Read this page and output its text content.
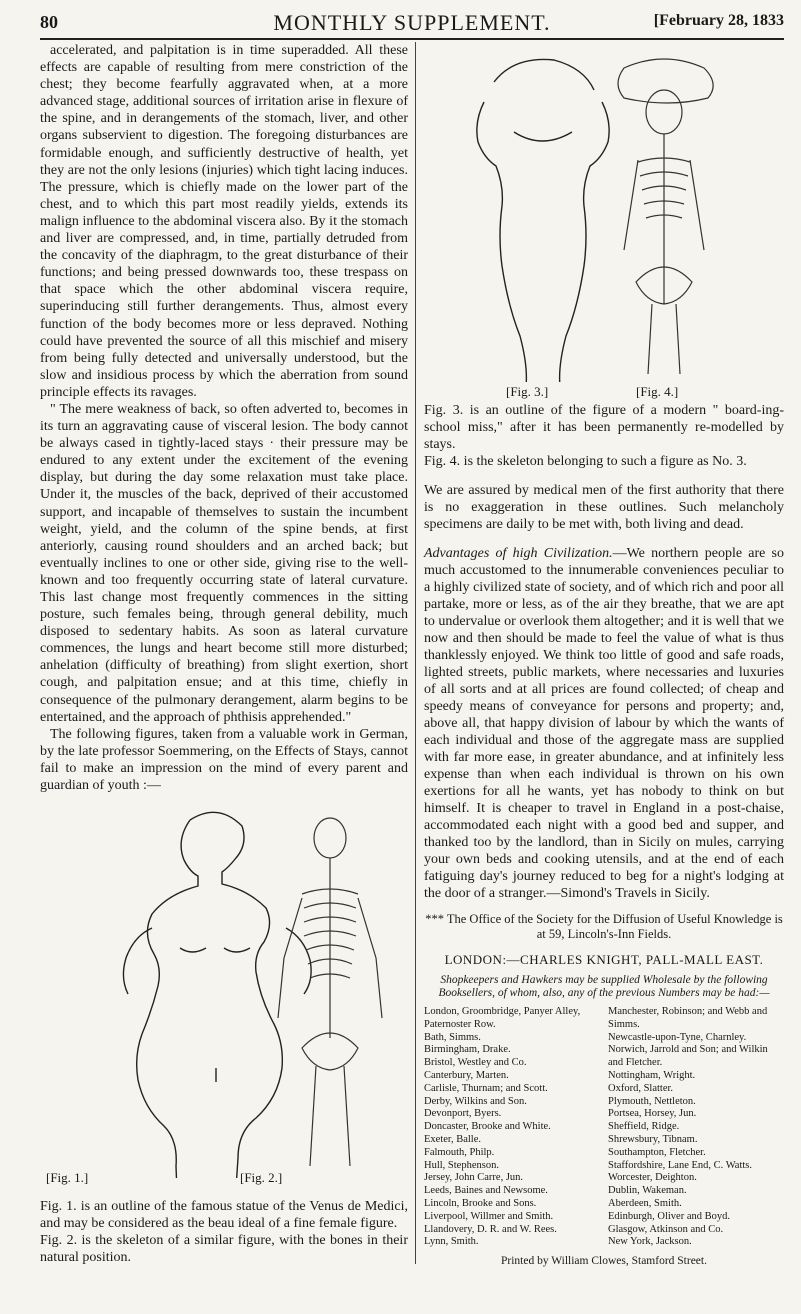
80	MONTHLY SUPPLEMENT.	[February 28, 1833

accelerated, and palpitation is in time superadded. All these effects are capable of resulting from mere constriction of the chest; they become fearfully aggravated when, at a more advanced stage, additional sources of irritation arise in flexure of the spine, and in derangements of the stomach, liver, and other organs subservient to digestion. The foregoing disturbances are formidable enough, and sufficiently destructive of health, yet they are not the only lesions (injuries) which tight lacing induces. The pressure, which is chiefly made on the lower part of the chest, and to which this part most readily yields, extends its malign influence to the abdominal viscera also. By it the stomach and liver are compressed, and, in time, partially detruded from the concavity of the diaphragm, to the great disturbance of their functions; and being pressed downwards too, these trespass on that space which the other abdominal viscera require, superinducing still further derangements. Thus, almost every function of the body becomes more or less depraved. Nothing could have prevented the source of all this mischief and misery from being fully detected and universally understood, but the slow and insidious process by which the aberration from sound principle effects its ravages.

" The mere weakness of back, so often adverted to, becomes in its turn an aggravating cause of visceral lesion. The body cannot be always cased in tightly-laced stays · their pressure may be endured to any extent under the excitement of the evening display, but during the day some relaxation must take place. Under it, the muscles of the back, deprived of their accustomed support, and incapable of themselves to sustain the incumbent weight, yield, and the column of the spine bends, at first anteriorly, causing round shoulders and an arched back; but eventually inclines to one or other side, giving rise to the well-known and too frequently occurring state of lateral curvature. This last change most frequently commences in the sitting posture, such females being, through general debility, much disposed to sedentary habits. As soon as lateral curvature commences, the lungs and heart become still more disturbed; anhelation (difficulty of breathing) from slight exertion, short cough, and palpitation ensue; and at this time, chiefly in consequence of the pulmonary derangement, alarm begins to be entertained, and the approach of phthisis apprehended."

The following figures, taken from a valuable work in German, by the late professor Soemmering, on the Effects of Stays, cannot fail to make an impression on the mind of every parent and guardian of youth :—

[Fig. 1.]	[Fig. 2.]

Fig. 1. is an outline of the famous statue of the Venus de Medici, and may be considered as the beau ideal of a fine female figure.

Fig. 2. is the skeleton of a similar figure, with the bones in their natural position.

[Fig. 3.]	[Fig. 4.]

Fig. 3. is an outline of the figure of a modern " board-ing-school miss," after it has been permanently re-modelled by stays.

Fig. 4. is the skeleton belonging to such a figure as No. 3.

We are assured by medical men of the first authority that there is no exaggeration in these outlines. Such melancholy specimens are daily to be met with, both living and dead.

Advantages of high Civilization.—We northern people are so much accustomed to the innumerable conveniences peculiar to a highly civilized state of society, and of which rich and poor all partake, more or less, as of the air they breathe, that we are apt to undervalue or overlook them altogether; and it is well that we now and then should be made to feel the value of what is thus thanklessly enjoyed. We think too little of good and safe roads, lighted streets, public markets, where necessaries and luxuries of all sorts and at all prices are found collected; of cheap and speedy means of conveyance for persons and property; and, above all, that happy division of labour by which the wants of each individual and those of the aggregate mass are supplied with far more ease, in greater abundance, and at infinitely less expense than when each individual is thrown on his own exertions for all he wants, yet has nobody to think on but himself. It is cheaper to travel in England in a post-chaise, accommodated each night with a good bed and supper, and thanked too by the landlord, than in Sicily on mules, carrying your own beds and cooking utensils, and at the end of each fatiguing day's journey reduced to beg for a night's lodging at the door of a stranger.—Simond's Travels in Sicily.

*** The Office of the Society for the Diffusion of Useful Knowledge is at 59, Lincoln's-Inn Fields.

LONDON:—CHARLES KNIGHT, PALL-MALL EAST.

Shopkeepers and Hawkers may be supplied Wholesale by the following Booksellers, of whom, also, any of the previous Numbers may be had:—

London, Groombridge, Panyer Alley, Paternoster Row.
Bath, Simms.
Birmingham, Drake.
Bristol, Westley and Co.
Canterbury, Marten.
Carlisle, Thurnam; and Scott.
Derby, Wilkins and Son.
Devonport, Byers.
Doncaster, Brooke and White.
Exeter, Balle.
Falmouth, Philp.
Hull, Stephenson.
Jersey, John Carre, Jun.
Leeds, Baines and Newsome.
Lincoln, Brooke and Sons.
Liverpool, Willmer and Smith.
Llandovery, D. R. and W. Rees.
Lynn, Smith.
Manchester, Robinson; and Webb and Simms.
Newcastle-upon-Tyne, Charnley.
Norwich, Jarrold and Son; and Wilkin and Fletcher.
Nottingham, Wright.
Oxford, Slatter.
Plymouth, Nettleton.
Portsea, Horsey, Jun.
Sheffield, Ridge.
Shrewsbury, Tibnam.
Southampton, Fletcher.
Staffordshire, Lane End, C. Watts.
Worcester, Deighton.
Dublin, Wakeman.
Aberdeen, Smith.
Edinburgh, Oliver and Boyd.
Glasgow, Atkinson and Co.
New York, Jackson.
Printed by William Clowes, Stamford Street.
